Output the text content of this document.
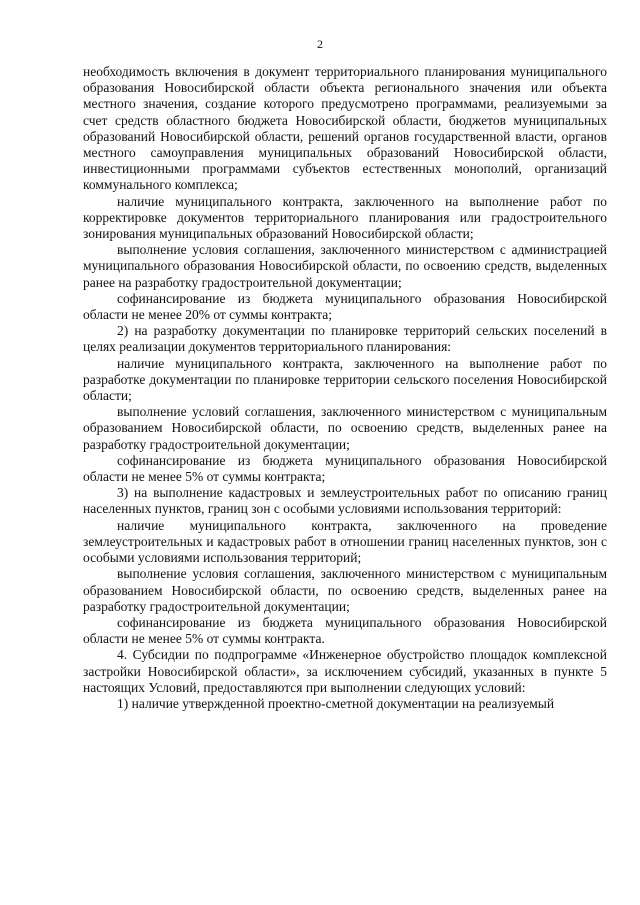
2

необходимость включения в документ территориального планирования муниципального образования Новосибирской области объекта регионального значения или объекта местного значения, создание которого предусмотрено программами, реализуемыми за счет средств областного бюджета Новосибирской области, бюджетов муниципальных образований Новосибирской области, решений органов государственной власти, органов местного самоуправления муниципальных образований Новосибирской области, инвестиционными программами субъектов естественных монополий, организаций коммунального комплекса;

наличие муниципального контракта, заключенного на выполнение работ по корректировке документов территориального планирования или градостроительного зонирования муниципальных образований Новосибирской области;

выполнение условия соглашения, заключенного министерством с администрацией муниципального образования Новосибирской области, по освоению средств, выделенных ранее на разработку градостроительной документации;

софинансирование из бюджета муниципального образования Новосибирской области не менее 20% от суммы контракта;

2) на разработку документации по планировке территорий сельских поселений в целях реализации документов территориального планирования:

наличие муниципального контракта, заключенного на выполнение работ по разработке документации по планировке территории сельского поселения Новосибирской области;

выполнение условий соглашения, заключенного министерством с муниципальным образованием Новосибирской области, по освоению средств, выделенных ранее на разработку градостроительной документации;

софинансирование из бюджета муниципального образования Новосибирской области не менее 5% от суммы контракта;

3) на выполнение кадастровых и землеустроительных работ по описанию границ населенных пунктов, границ зон с особыми условиями использования территорий:

наличие муниципального контракта, заключенного на проведение землеустроительных и кадастровых работ в отношении границ населенных пунктов, зон с особыми условиями использования территорий;

выполнение условия соглашения, заключенного министерством с муниципальным образованием Новосибирской области, по освоению средств, выделенных ранее на разработку градостроительной документации;

софинансирование из бюджета муниципального образования Новосибирской области не менее 5% от суммы контракта.

4. Субсидии по подпрограмме «Инженерное обустройство площадок комплексной застройки Новосибирской области», за исключением субсидий, указанных в пункте 5 настоящих Условий, предоставляются при выполнении следующих условий:

1) наличие утвержденной проектно-сметной документации на реализуемый
